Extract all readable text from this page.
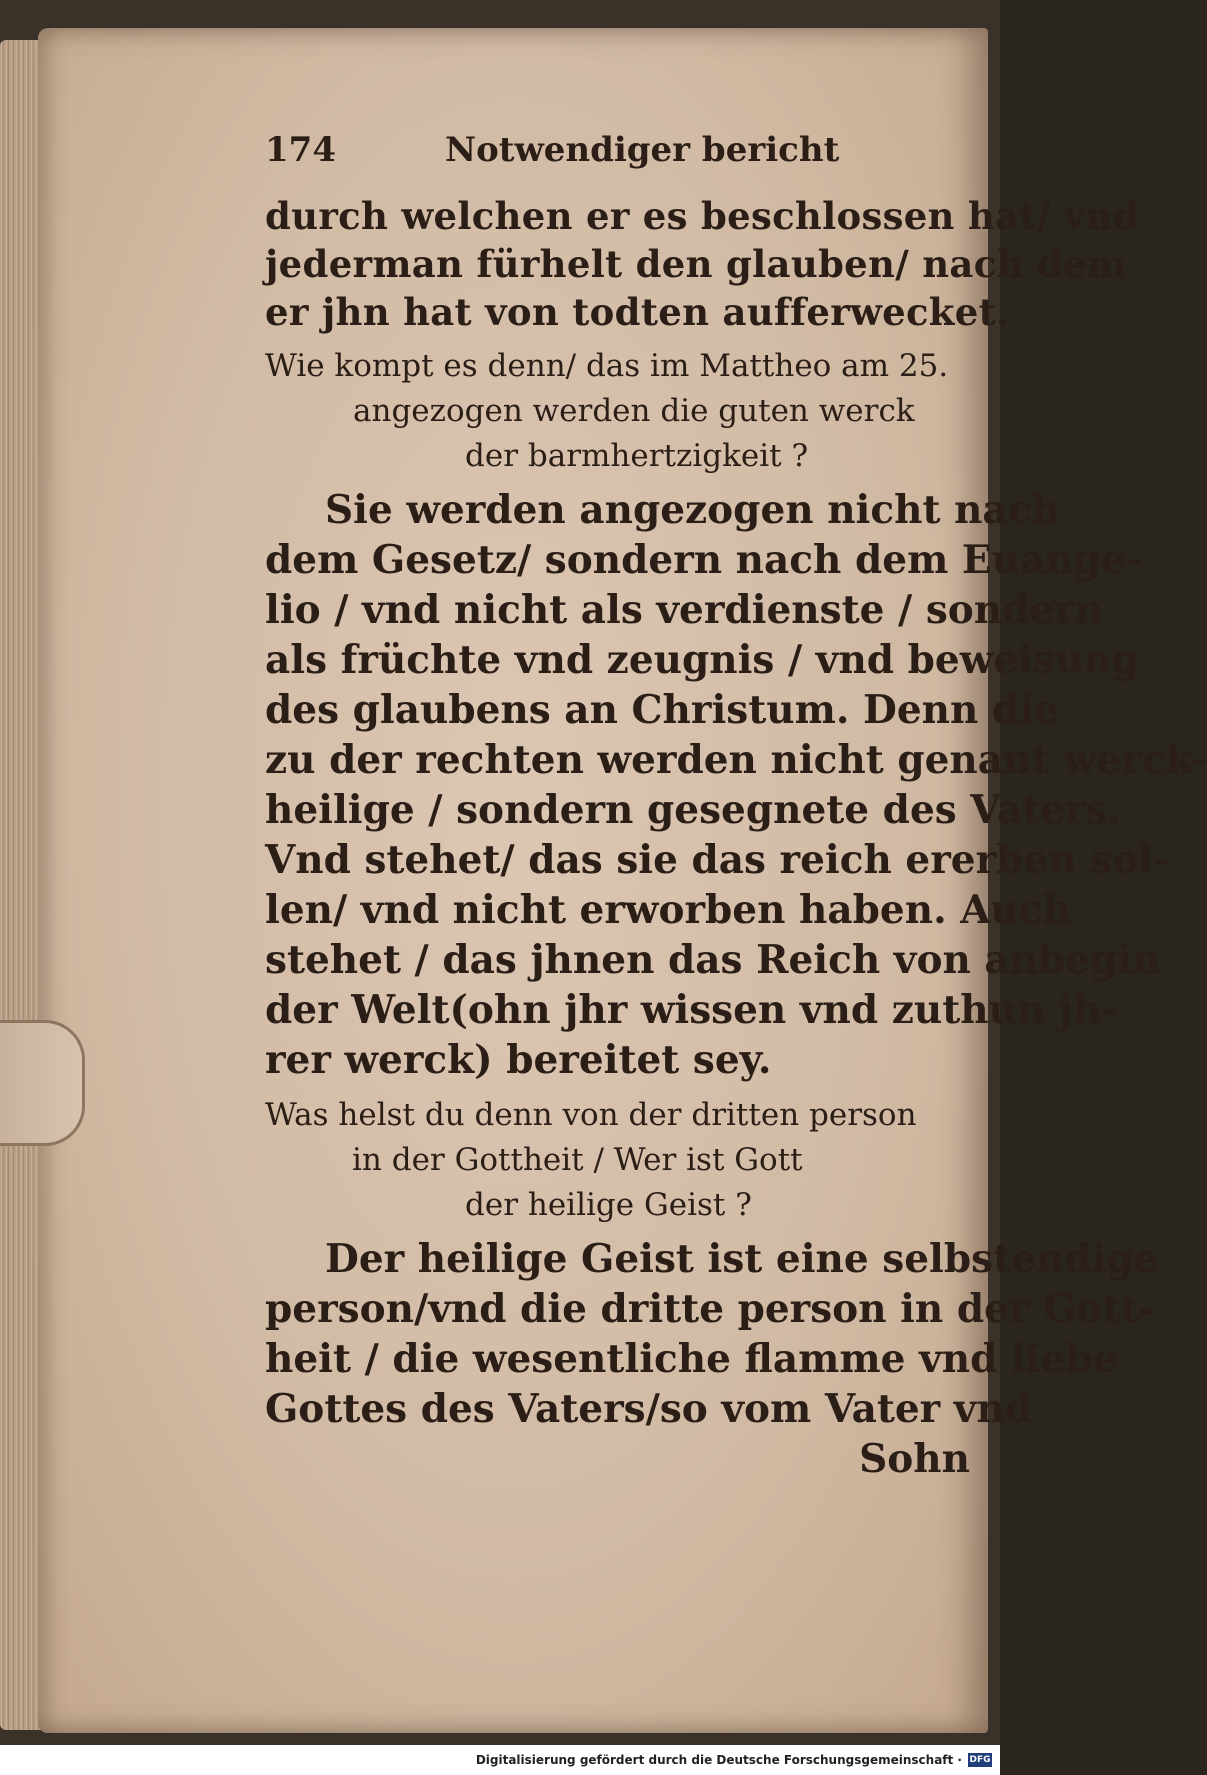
174	Notwendiger bericht
durch welchen er es beschlossen hat/ vnd
jederman fürhelt den glauben/ nach dem
er jhn hat von todten aufferwecket.
Wie kompt es denn/ das im Mattheo am 25.
angezogen werden die guten werck
der barmhertzigkeit ?
Sie werden angezogen nicht nach
dem Gesetz/ sondern nach dem Euange-
lio / vnd nicht als verdienste / sondern
als früchte vnd zeugnis / vnd beweisung
des glaubens an Christum. Denn die
zu der rechten werden nicht genant werck-
heilige / sondern gesegnete des Vaters.
Vnd stehet/ das sie das reich ererben sol-
len/ vnd nicht erworben haben. Auch
stehet / das jhnen das Reich von anbegin
der Welt(ohn jhr wissen vnd zuthun jh-
rer werck) bereitet sey.
Was helst du denn von der dritten person
in der Gottheit / Wer ist Gott
der heilige Geist ?
Der heilige Geist ist eine selbstendige
person/vnd die dritte person in der Gott-
heit / die wesentliche flamme vnd liebe
Gottes des Vaters/so vom Vater vnd
Sohn
Digitalisierung gefördert durch die Deutsche Forschungsgemeinschaft · DFG
